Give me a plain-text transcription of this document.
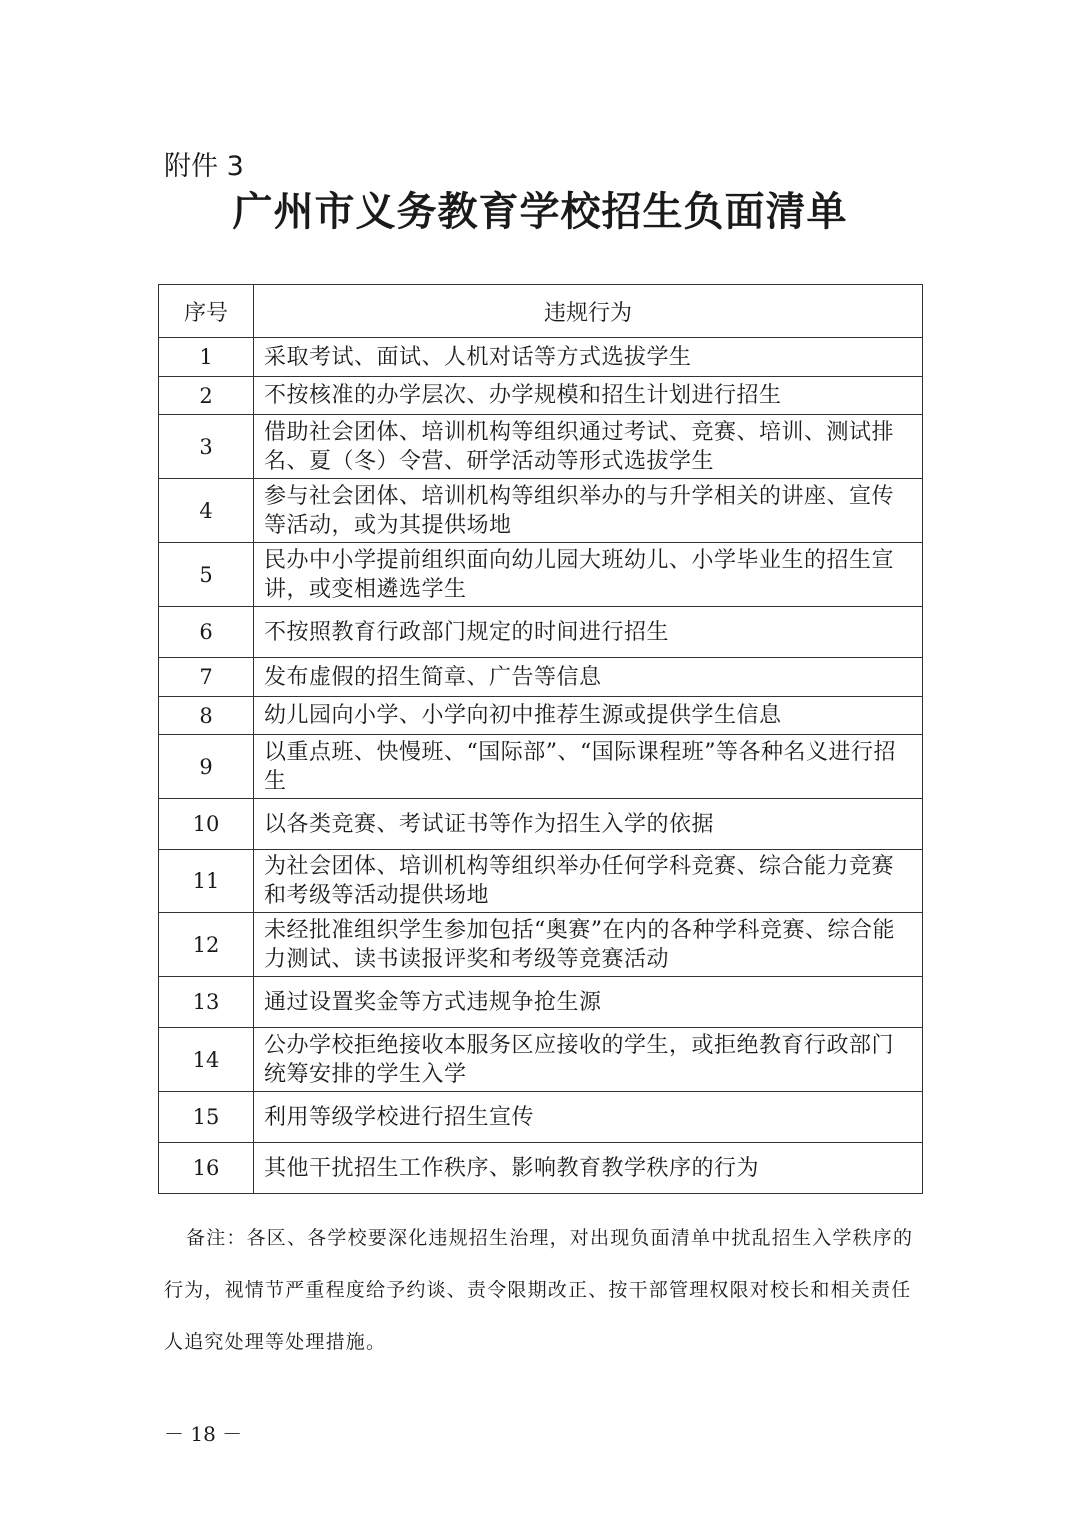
附件 3
广州市义务教育学校招生负面清单
序号	违规行为
1	采取考试、面试、人机对话等方式选拔学生
2	不按核准的办学层次、办学规模和招生计划进行招生
3	借助社会团体、培训机构等组织通过考试、竞赛、培训、测试排名、夏（冬）令营、研学活动等形式选拔学生
4	参与社会团体、培训机构等组织举办的与升学相关的讲座、宣传等活动，或为其提供场地
5	民办中小学提前组织面向幼儿园大班幼儿、小学毕业生的招生宣讲，或变相遴选学生
6	不按照教育行政部门规定的时间进行招生
7	发布虚假的招生简章、广告等信息
8	幼儿园向小学、小学向初中推荐生源或提供学生信息
9	以重点班、快慢班、“国际部”、“国际课程班”等各种名义进行招生
10	以各类竞赛、考试证书等作为招生入学的依据
11	为社会团体、培训机构等组织举办任何学科竞赛、综合能力竞赛和考级等活动提供场地
12	未经批准组织学生参加包括“奥赛”在内的各种学科竞赛、综合能力测试、读书读报评奖和考级等竞赛活动
13	通过设置奖金等方式违规争抢生源
14	公办学校拒绝接收本服务区应接收的学生，或拒绝教育行政部门统筹安排的学生入学
15	利用等级学校进行招生宣传
16	其他干扰招生工作秩序、影响教育教学秩序的行为
备注：各区、各学校要深化违规招生治理，对出现负面清单中扰乱招生入学秩序的行为，视情节严重程度给予约谈、责令限期改正、按干部管理权限对校长和相关责任人追究处理等处理措施。
－ 18 －
